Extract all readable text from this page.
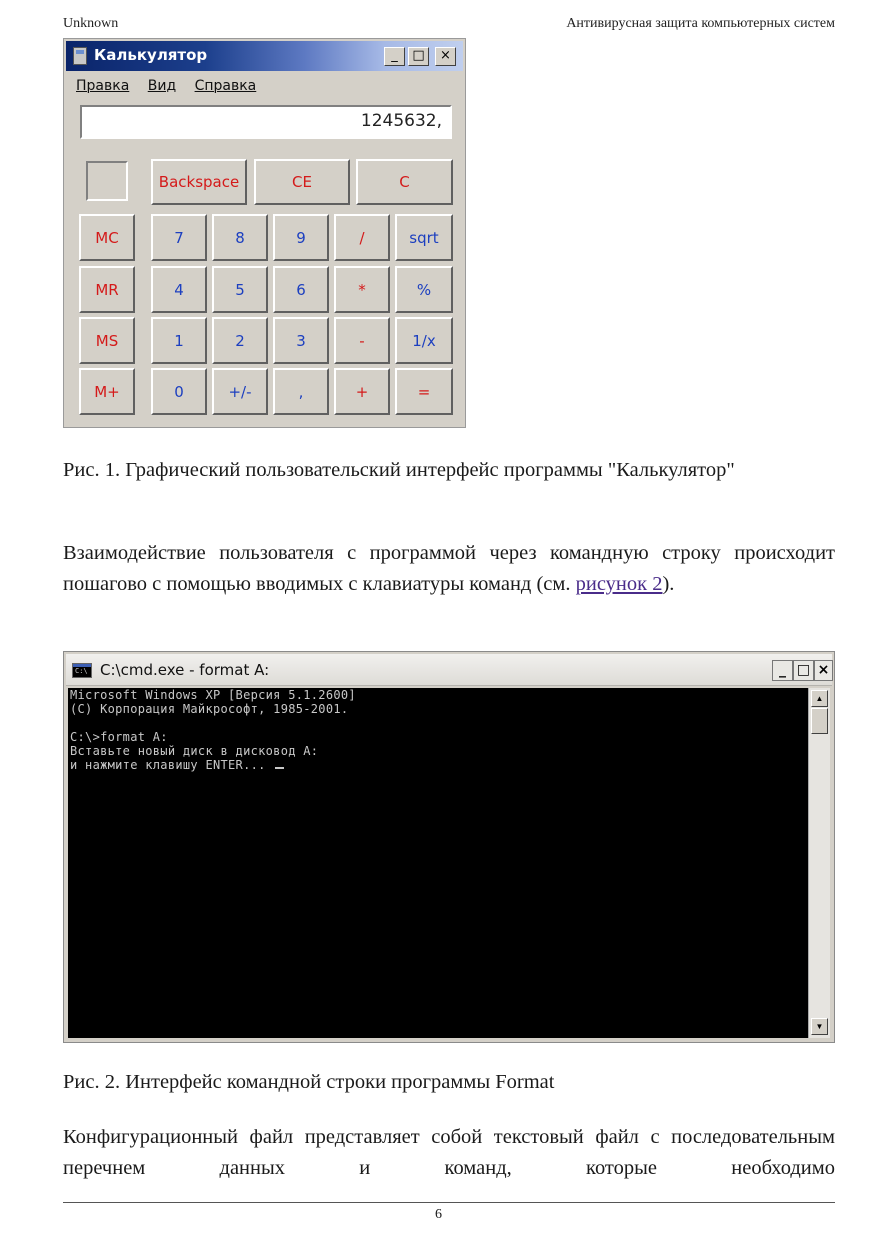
Unknown	Антивирусная защита компьютерных систем
Калькулятор	_	□	×
Правка Вид Справка
1245632,
Backspace	CE	C
MC
MR
MS
M+
7	8	9	/	sqrt
4	5	6	*	%
1	2	3	-	1/x
0	+/-	,	+	=

Рис. 1. Графический пользовательский интерфейс программы "Калькулятор"

Взаимодействие пользователя с программой через командную строку происходит пошагово с помощью вводимых с клавиатуры команд (см. рисунок 2).

C:\ C:\cmd.exe - format A:	_ □ ×
Microsoft Windows XP [Версия 5.1.2600]
(C) Корпорация Майкрософт, 1985-2001.
C:\>format A:
Вставьте новый диск в дисковод A:
и нажмите клавишу ENTER...
▲
▼

Рис. 2. Интерфейс командной строки программы Format

Конфигурационный файл представляет собой текстовый файл с последовательным перечнем данных и команд, которые необходимо

6
